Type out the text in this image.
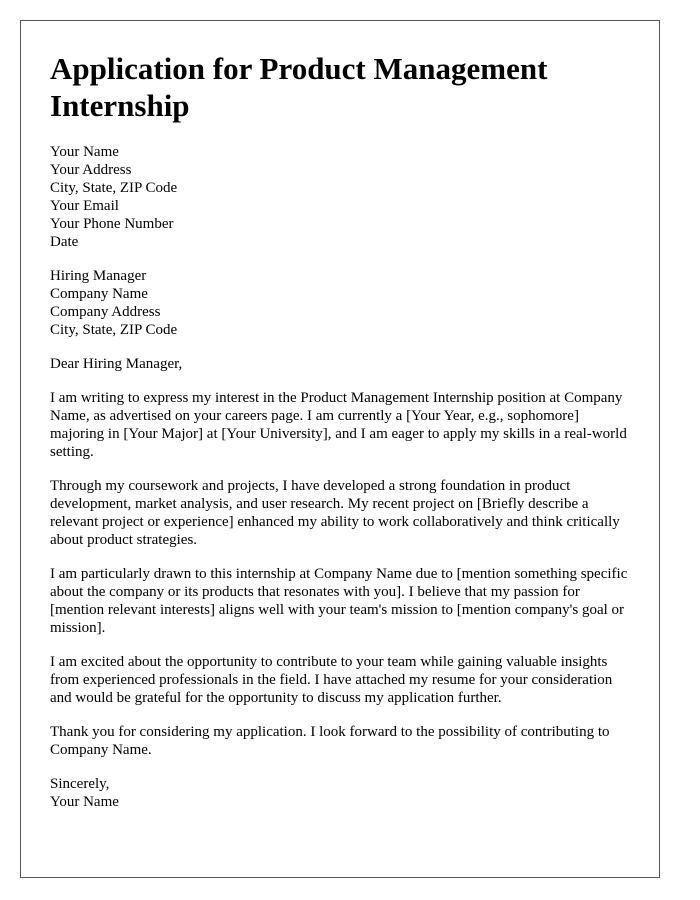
Application for Product Management Internship
Your Name
Your Address
City, State, ZIP Code
Your Email
Your Phone Number
Date
Hiring Manager
Company Name
Company Address
City, State, ZIP Code

Dear Hiring Manager,

I am writing to express my interest in the Product Management Internship position at Company Name, as advertised on your careers page. I am currently a [Your Year, e.g., sophomore] majoring in [Your Major] at [Your University], and I am eager to apply my skills in a real-world setting.

Through my coursework and projects, I have developed a strong foundation in product development, market analysis, and user research. My recent project on [Briefly describe a relevant project or experience] enhanced my ability to work collaboratively and think critically about product strategies.

I am particularly drawn to this internship at Company Name due to [mention something specific about the company or its products that resonates with you]. I believe that my passion for [mention relevant interests] aligns well with your team's mission to [mention company's goal or mission].

I am excited about the opportunity to contribute to your team while gaining valuable insights from experienced professionals in the field. I have attached my resume for your consideration and would be grateful for the opportunity to discuss my application further.

Thank you for considering my application. I look forward to the possibility of contributing to Company Name.

Sincerely,
Your Name
